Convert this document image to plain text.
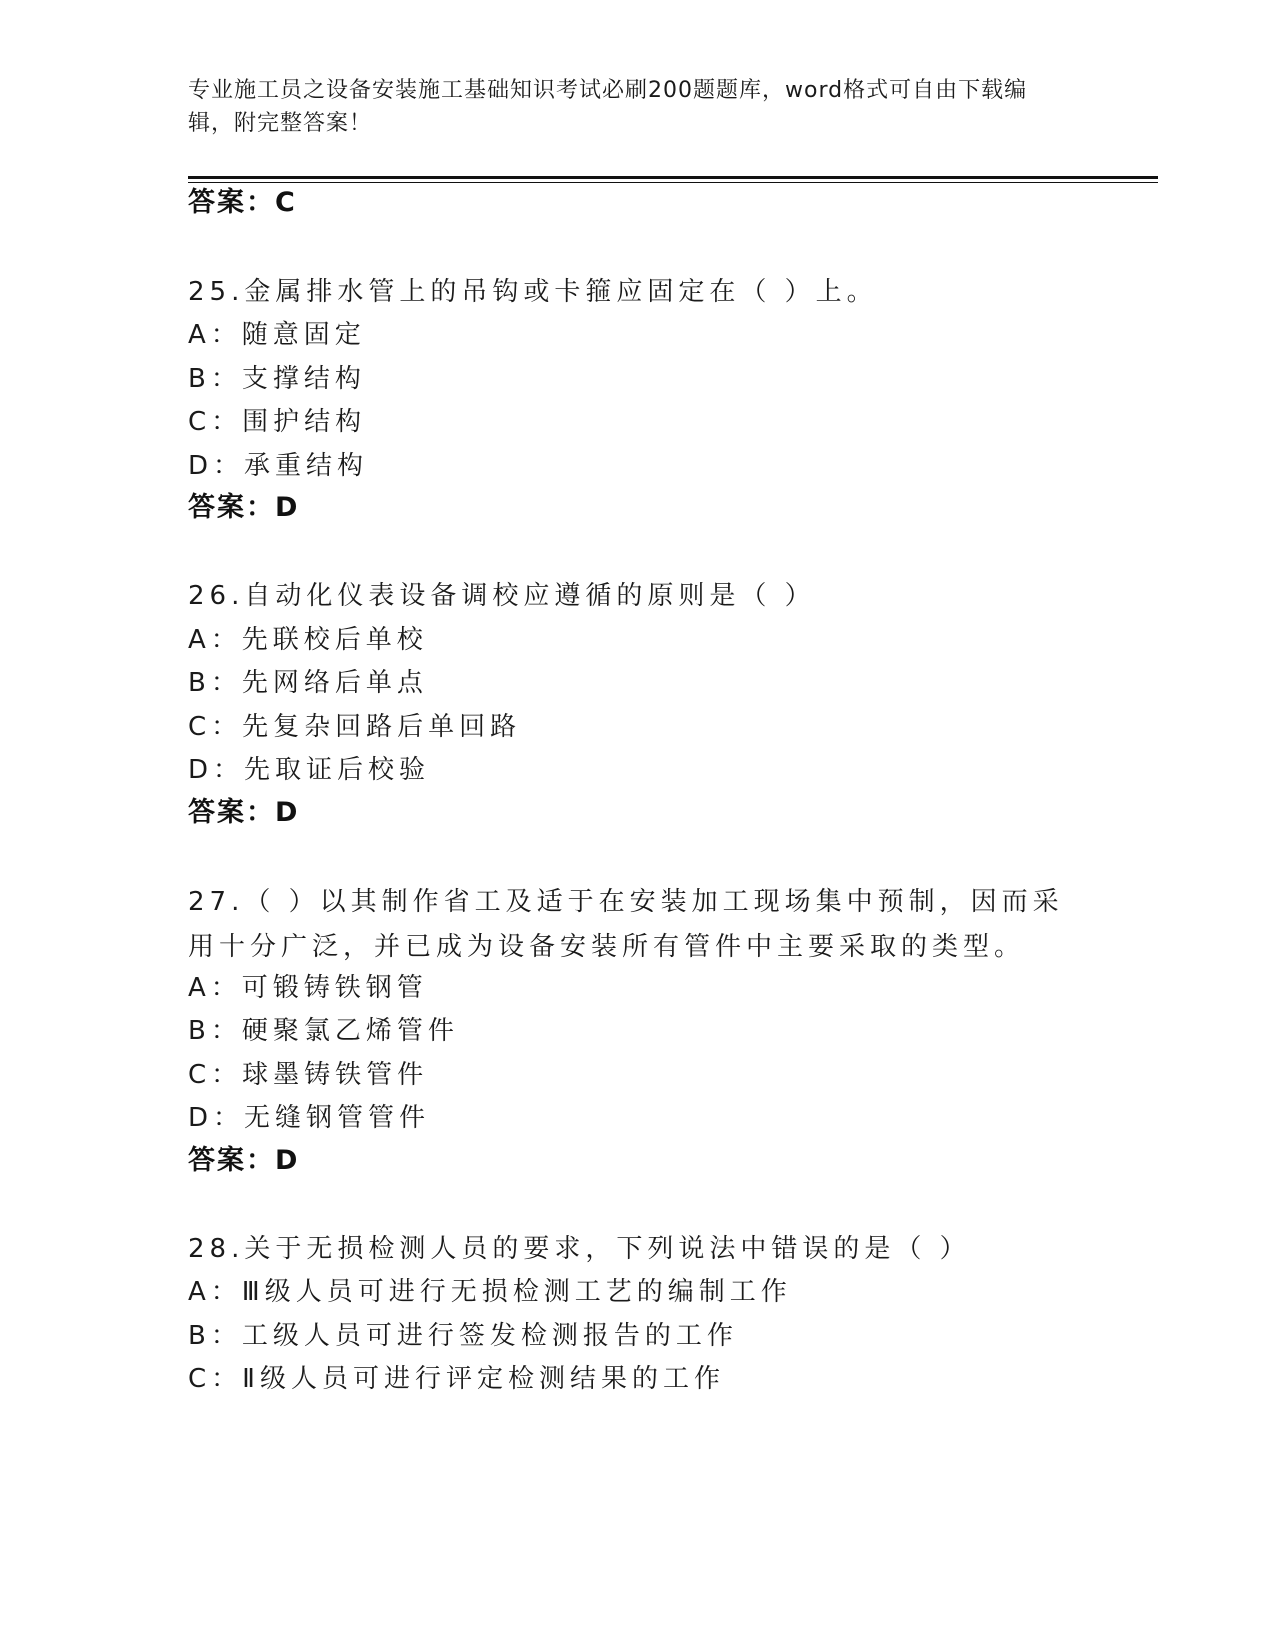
专业施工员之设备安装施工基础知识考试必刷200题题库，word格式可自由下载编辑，附完整答案！
答案：C
25.金属排水管上的吊钩或卡箍应固定在（ ）上。
A：随意固定
B：支撑结构
C：围护结构
D：承重结构
答案：D
26.自动化仪表设备调校应遵循的原则是（ ）
A：先联校后单校
B：先网络后单点
C：先复杂回路后单回路
D：先取证后校验
答案：D
27.（ ）以其制作省工及适于在安装加工现场集中预制，因而采用十分广泛，并已成为设备安装所有管件中主要采取的类型。
A：可锻铸铁钢管
B：硬聚氯乙烯管件
C：球墨铸铁管件
D：无缝钢管管件
答案：D
28.关于无损检测人员的要求，下列说法中错误的是（ ）
A：Ⅲ级人员可进行无损检测工艺的编制工作
B：工级人员可进行签发检测报告的工作
C：Ⅱ级人员可进行评定检测结果的工作
